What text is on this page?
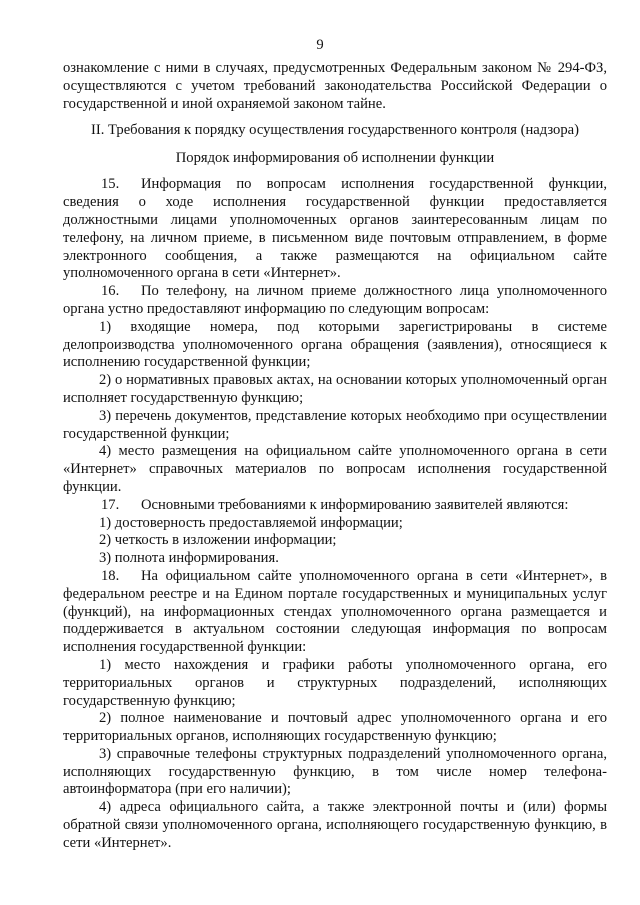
9

ознакомление с ними в случаях, предусмотренных Федеральным законом № 294-ФЗ, осуществляются с учетом требований законодательства Российской Федерации о государственной и иной охраняемой законом тайне.

II. Требования к порядку осуществления государственного контроля (надзора)
Порядок информирования об исполнении функции

15. Информация по вопросам исполнения государственной функции, сведения о ходе исполнения государственной функции предоставляется должностными лицами уполномоченных органов заинтересованным лицам по телефону, на личном приеме, в письменном виде почтовым отправлением, в форме электронного сообщения, а также размещаются на официальном сайте уполномоченного органа в сети «Интернет».

16. По телефону, на личном приеме должностного лица уполномоченного органа устно предоставляют информацию по следующим вопросам:

1) входящие номера, под которыми зарегистрированы в системе делопроизводства уполномоченного органа обращения (заявления), относящиеся к исполнению государственной функции;
2) о нормативных правовых актах, на основании которых уполномоченный орган исполняет государственную функцию;
3) перечень документов, представление которых необходимо при осуществлении государственной функции;
4) место размещения на официальном сайте уполномоченного органа в сети «Интернет» справочных материалов по вопросам исполнения государственной функции.

17. Основными требованиями к информированию заявителей являются:

1) достоверность предоставляемой информации;
2) четкость в изложении информации;
3) полнота информирования.

18. На официальном сайте уполномоченного органа в сети «Интернет», в федеральном реестре и на Едином портале государственных и муниципальных услуг (функций), на информационных стендах уполномоченного органа размещается и поддерживается в актуальном состоянии следующая информация по вопросам исполнения государственной функции:

1) место нахождения и графики работы уполномоченного органа, его территориальных органов и структурных подразделений, исполняющих государственную функцию;
2) полное наименование и почтовый адрес уполномоченного органа и его территориальных органов, исполняющих государственную функцию;
3) справочные телефоны структурных подразделений уполномоченного органа, исполняющих государственную функцию, в том числе номер телефона-автоинформатора (при его наличии);
4) адреса официального сайта, а также электронной почты и (или) формы обратной связи уполномоченного органа, исполняющего государственную функцию, в сети «Интернет».
